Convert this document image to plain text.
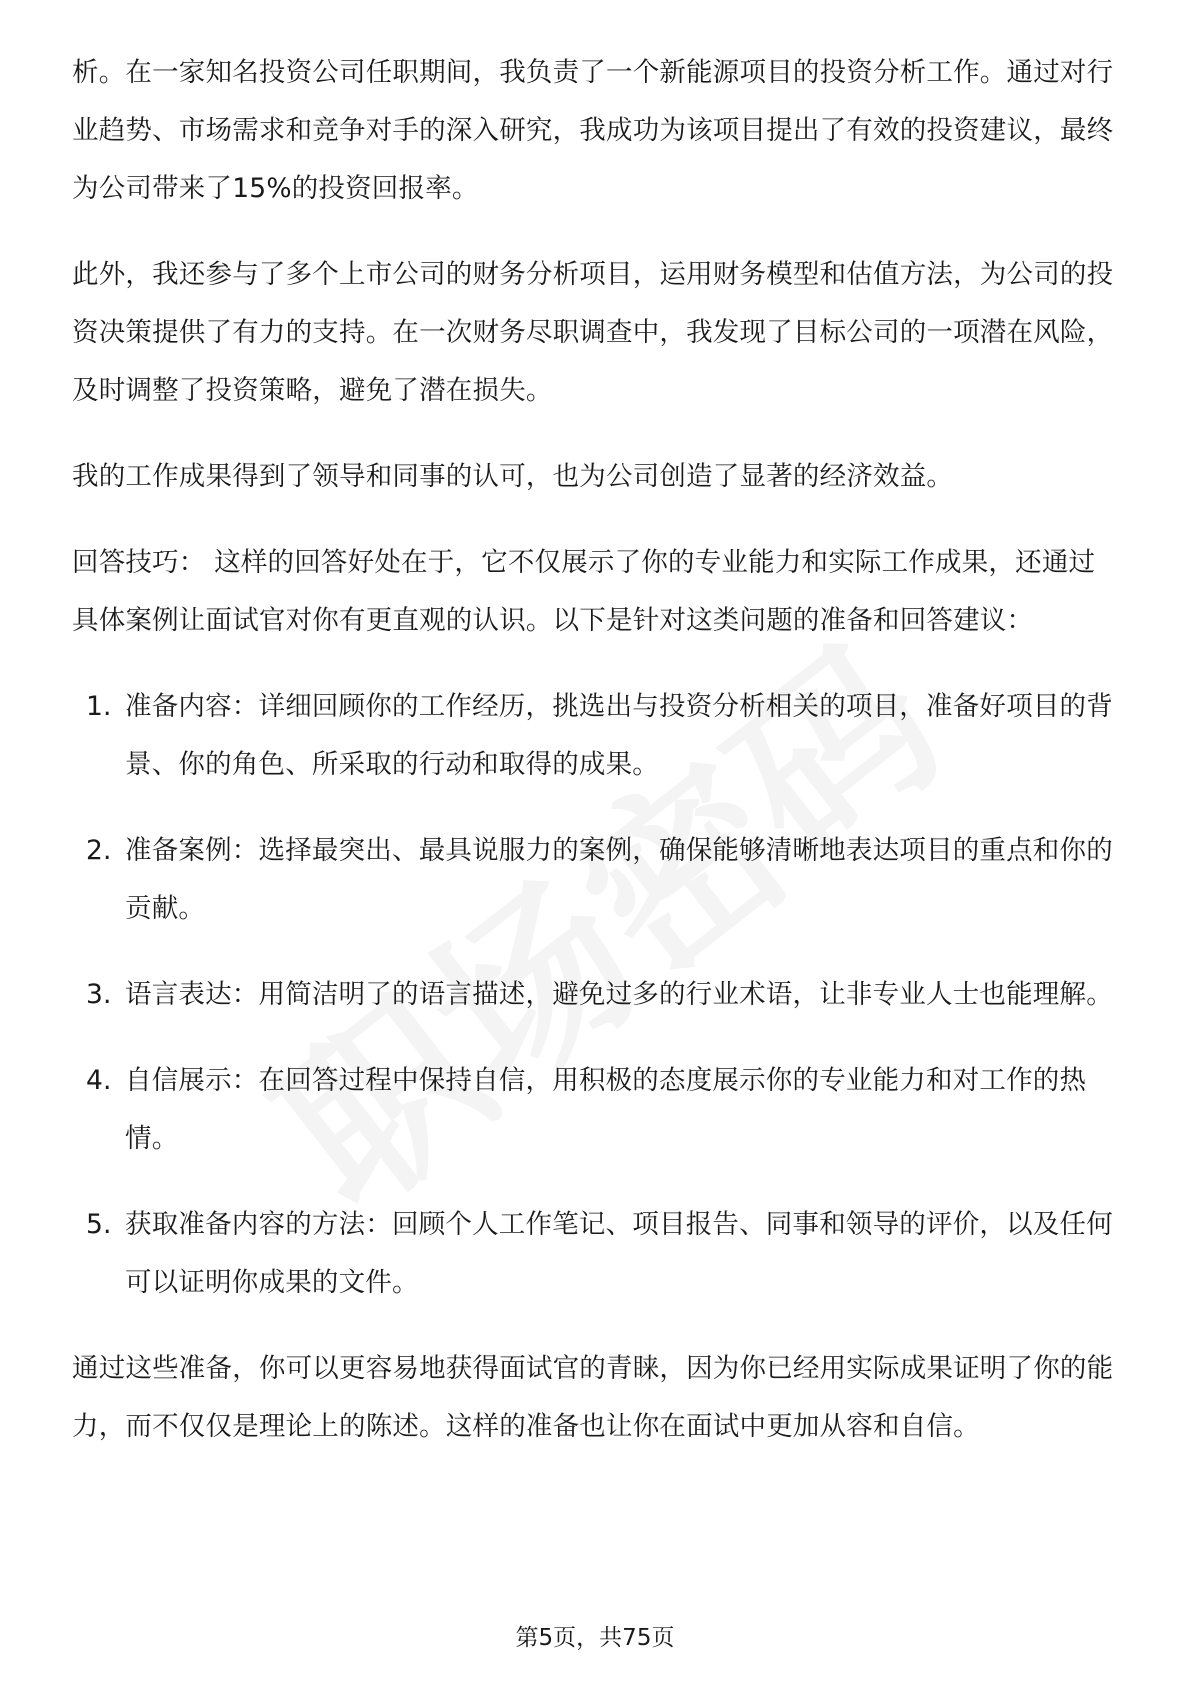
析。在一家知名投资公司任职期间，我负责了一个新能源项目的投资分析工作。通过对行业趋势、市场需求和竞争对手的深入研究，我成功为该项目提出了有效的投资建议，最终为公司带来了15%的投资回报率。

此外，我还参与了多个上市公司的财务分析项目，运用财务模型和估值方法，为公司的投资决策提供了有力的支持。在一次财务尽职调查中，我发现了目标公司的一项潜在风险，及时调整了投资策略，避免了潜在损失。

我的工作成果得到了领导和同事的认可，也为公司创造了显著的经济效益。

回答技巧： 这样的回答好处在于，它不仅展示了你的专业能力和实际工作成果，还通过具体案例让面试官对你有更直观的认识。以下是针对这类问题的准备和回答建议：

1. 准备内容：详细回顾你的工作经历，挑选出与投资分析相关的项目，准备好项目的背景、你的角色、所采取的行动和取得的成果。
2. 准备案例：选择最突出、最具说服力的案例，确保能够清晰地表达项目的重点和你的贡献。
3. 语言表达：用简洁明了的语言描述，避免过多的行业术语，让非专业人士也能理解。
4. 自信展示：在回答过程中保持自信，用积极的态度展示你的专业能力和对工作的热情。
5. 获取准备内容的方法：回顾个人工作笔记、项目报告、同事和领导的评价，以及任何可以证明你成果的文件。

通过这些准备，你可以更容易地获得面试官的青睐，因为你已经用实际成果证明了你的能力，而不仅仅是理论上的陈述。这样的准备也让你在面试中更加从容和自信。

第5页，共75页
